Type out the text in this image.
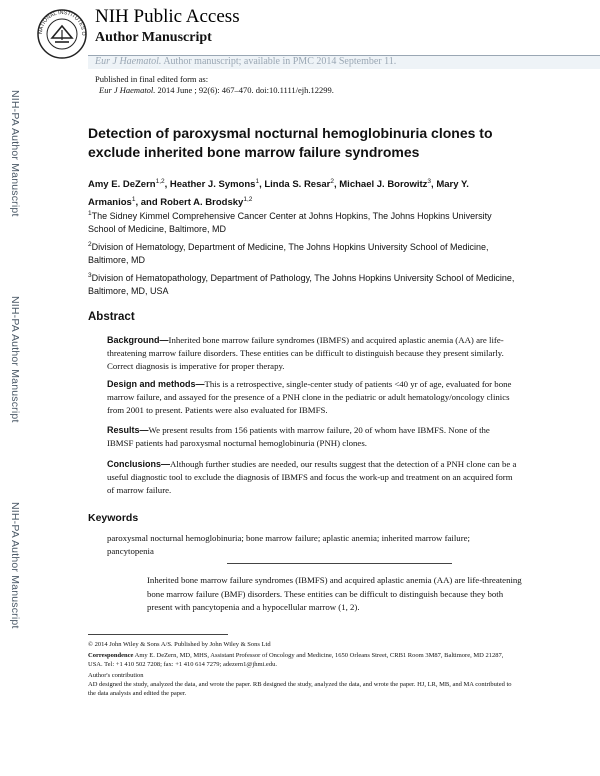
NATIONAL INSTITUTES O
NIH Public Access
Author Manuscript
Eur J Haematol. Author manuscript; available in PMC 2014 September 11.
Published in final edited form as:
Eur J Haematol. 2014 June ; 92(6): 467–470. doi:10.1111/ejh.12299.
NIH-PA Author Manuscript
NIH-PA Author Manuscript
NIH-PA Author Manuscript
Detection of paroxysmal nocturnal hemoglobinuria clones to exclude inherited bone marrow failure syndromes
Amy E. DeZern$^{1,2}$, Heather J. Symons$^1$, Linda S. Resar$^2$, Michael J. Borowitz$^3$, Mary Y. Armanios$^1$, and Robert A. Brodsky$^{1,2}$
$^1$The Sidney Kimmel Comprehensive Cancer Center at Johns Hopkins, The Johns Hopkins University School of Medicine, Baltimore, MD
$^2$Division of Hematology, Department of Medicine, The Johns Hopkins University School of Medicine, Baltimore, MD
$^3$Division of Hematopathology, Department of Pathology, The Johns Hopkins University School of Medicine, Baltimore, MD, USA
Abstract
Background—Inherited bone marrow failure syndromes (IBMFS) and acquired aplastic anemia (AA) are life-threatening marrow failure disorders. These entities can be difficult to distinguish because they present similarly. Correct diagnosis is imperative for proper therapy.
Design and methods—This is a retrospective, single-center study of patients <40 yr of age, evaluated for bone marrow failure, and assayed for the presence of a PNH clone in the pediatric or adult hematology/oncology clinics from 2001 to present. Patients were also evaluated for IBMFS.
Results—We present results from 156 patients with marrow failure, 20 of whom have IBMFS. None of the IBMSF patients had paroxysmal nocturnal hemoglobinuria (PNH) clones.
Conclusions—Although further studies are needed, our results suggest that the detection of a PNH clone can be a useful diagnostic tool to exclude the diagnosis of IBMFS and focus the work-up and treatment on an acquired form of marrow failure.
Keywords
paroxysmal nocturnal hemoglobinuria; bone marrow failure; aplastic anemia; inherited marrow failure; pancytopenia
Inherited bone marrow failure syndromes (IBMFS) and acquired aplastic anemia (AA) are life-threatening bone marrow failure (BMF) disorders. These entities can be difficult to distinguish because they both present with pancytopenia and a hypocellular marrow (1, 2).
© 2014 John Wiley & Sons A/S. Published by John Wiley & Sons Ltd
Correspondence Amy E. DeZern, MD, MHS, Assistant Professor of Oncology and Medicine, 1650 Orleans Street, CRB1 Room 3M87, Baltimore, MD 21287, USA. Tel: +1 410 502 7208; fax: +1 410 614 7279; adezern1@jhmi.edu.
Author's contribution
AD designed the study, analyzed the data, and wrote the paper. RB designed the study, analyzed the data, and wrote the paper. HJ, LR, MB, and MA contributed to the data analysis and edited the paper.
